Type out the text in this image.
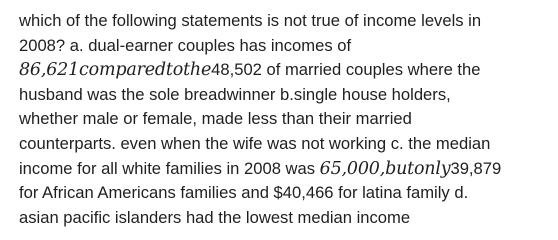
which of the following statements is not true of income levels in
2008? a. dual-earner couples has incomes of
86,621comparedtothe48,502 of married couples where the
husband was the sole breadwinner b.single house holders,
whether male or female, made less than their married
counterparts. even when the wife was not working c. the median
income for all white families in 2008 was 65,000,butonly39,879
for African Americans families and $40,466 for latina family d.
asian pacific islanders had the lowest median income
